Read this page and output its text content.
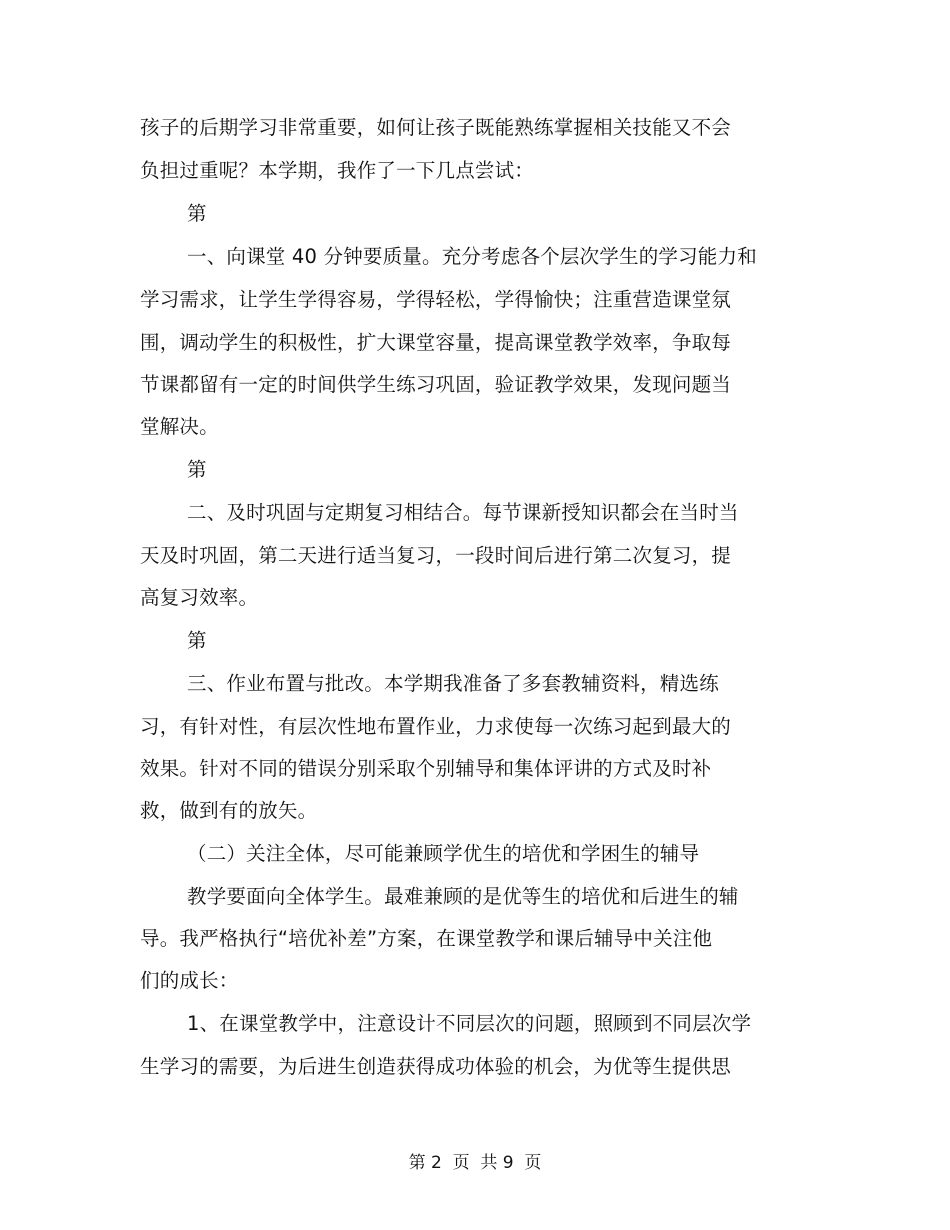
孩子的后期学习非常重要，如何让孩子既能熟练掌握相关技能又不会
负担过重呢？本学期，我作了一下几点尝试：
第
一、向课堂 40 分钟要质量。充分考虑各个层次学生的学习能力和
学习需求，让学生学得容易，学得轻松，学得愉快；注重营造课堂氛
围，调动学生的积极性，扩大课堂容量，提高课堂教学效率，争取每
节课都留有一定的时间供学生练习巩固，验证教学效果，发现问题当
堂解决。
第
二、及时巩固与定期复习相结合。每节课新授知识都会在当时当
天及时巩固，第二天进行适当复习，一段时间后进行第二次复习，提
高复习效率。
第
三、作业布置与批改。本学期我准备了多套教辅资料，精选练
习，有针对性，有层次性地布置作业，力求使每一次练习起到最大的
效果。针对不同的错误分别采取个别辅导和集体评讲的方式及时补
救，做到有的放矢。
（二）关注全体，尽可能兼顾学优生的培优和学困生的辅导
教学要面向全体学生。最难兼顾的是优等生的培优和后进生的辅
导。我严格执行“培优补差”方案，在课堂教学和课后辅导中关注他
们的成长：
1、在课堂教学中，注意设计不同层次的问题，照顾到不同层次学
生学习的需要，为后进生创造获得成功体验的机会，为优等生提供思
第 2  页  共 9  页
